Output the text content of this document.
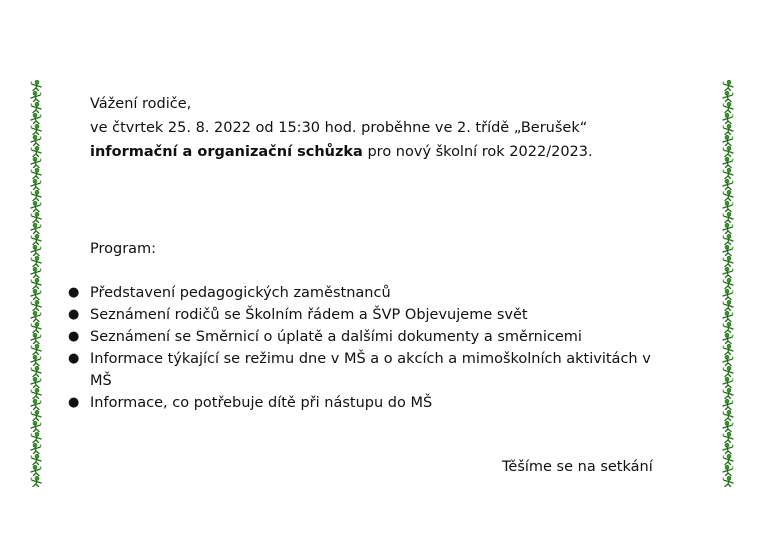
Vážení rodiče,

ve čtvrtek 25. 8. 2022 od 15:30 hod. proběhne ve 2. třídě „Berušek“ informační a organizační schůzka pro nový školní rok 2022/2023.

Program:

● Představení pedagogických zaměstnanců
● Seznámení rodičů se Školním řádem a ŠVP Objevujeme svět
● Seznámení se Směrnicí o úplatě a dalšími dokumenty a směrnicemi
● Informace týkající se režimu dne v MŠ a o akcích a mimoškolních aktivitách v MŠ
● Informace, co potřebuje dítě při nástupu do MŠ

Těšíme se na setkání
